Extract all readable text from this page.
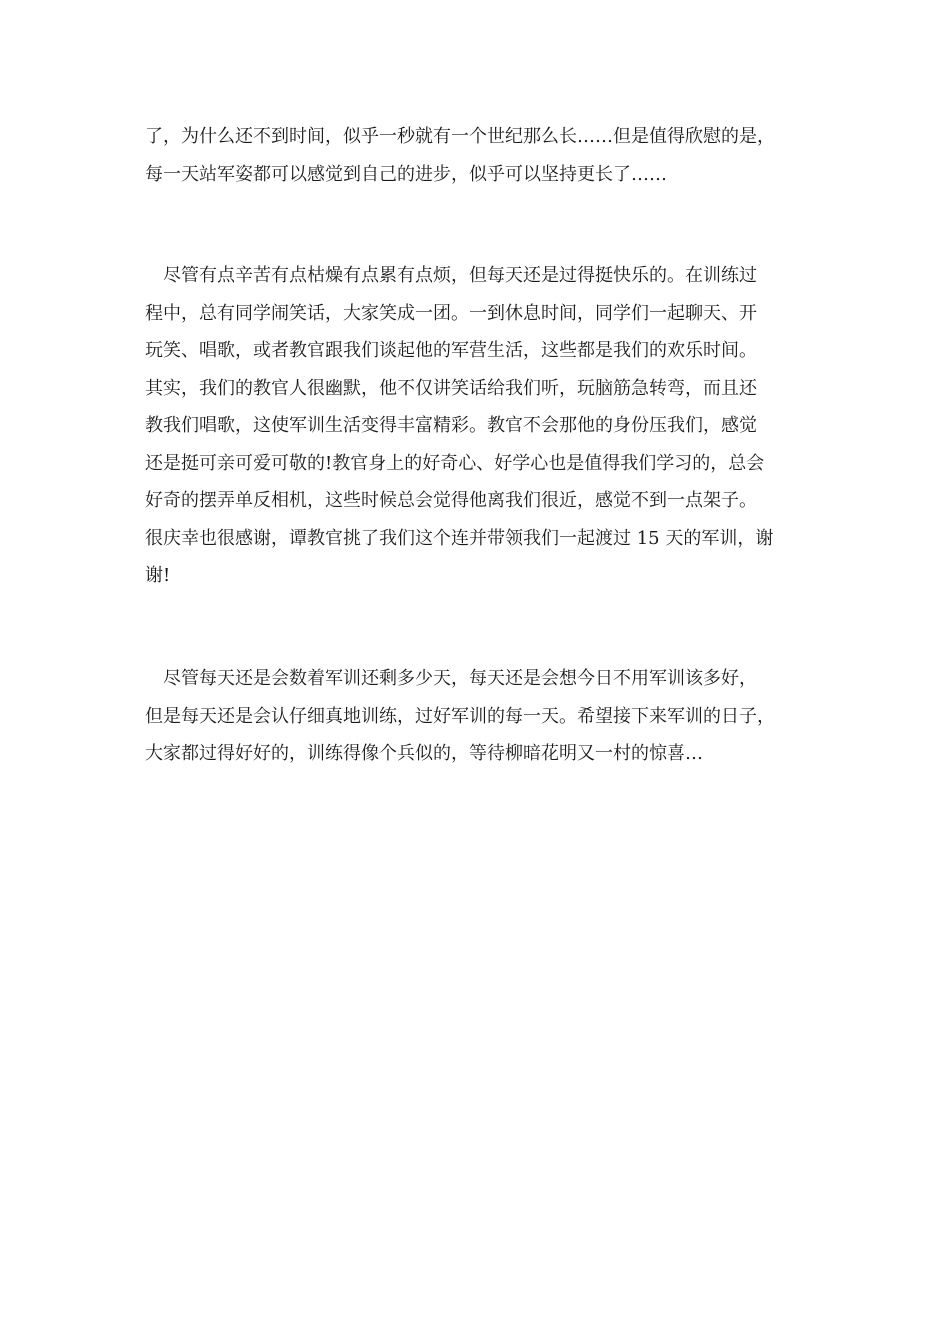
了，为什么还不到时间，似乎一秒就有一个世纪那么长……但是值得欣慰的是，
每一天站军姿都可以感觉到自己的进步，似乎可以坚持更长了……

　尽管有点辛苦有点枯燥有点累有点烦，但每天还是过得挺快乐的。在训练过
程中，总有同学闹笑话，大家笑成一团。一到休息时间，同学们一起聊天、开
玩笑、唱歌，或者教官跟我们谈起他的军营生活，这些都是我们的欢乐时间。
其实，我们的教官人很幽默，他不仅讲笑话给我们听，玩脑筋急转弯，而且还
教我们唱歌，这使军训生活变得丰富精彩。教官不会那他的身份压我们，感觉
还是挺可亲可爱可敬的!教官身上的好奇心、好学心也是值得我们学习的，总会
好奇的摆弄单反相机，这些时候总会觉得他离我们很近，感觉不到一点架子。
很庆幸也很感谢，谭教官挑了我们这个连并带领我们一起渡过 15 天的军训，谢
谢!

　尽管每天还是会数着军训还剩多少天，每天还是会想今日不用军训该多好，
但是每天还是会认仔细真地训练，过好军训的每一天。希望接下来军训的日子，
大家都过得好好的，训练得像个兵似的，等待柳暗花明又一村的惊喜…
